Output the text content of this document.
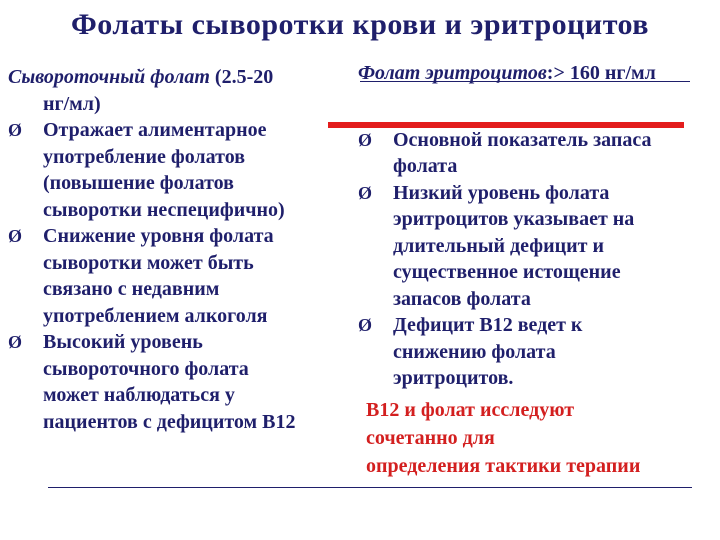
Фолаты сыворотки крови и эритроцитов
Сывороточный фолат (2.5-20
нг/мл)
Ø	Отражает алиментарное
употребление фолатов
(повышение фолатов
сыворотки неспецифично)
Ø	Снижение уровня фолата
сыворотки может быть
связано с недавним
употреблением алкоголя
Ø	Высокий уровень
сывороточного фолата
может наблюдаться у
пациентов с дефицитом B12
Фолат эритроцитов:> 160 нг/мл
Ø	Основной показатель запаса
фолата
Ø	Низкий уровень фолата
эритроцитов указывает на
длительный дефицит и
существенное истощение
запасов фолата
Ø	Дефицит B12 ведет к
снижению фолата
эритроцитов.
B12 и фолат исследуют
сочетанно для
определения тактики терапии
